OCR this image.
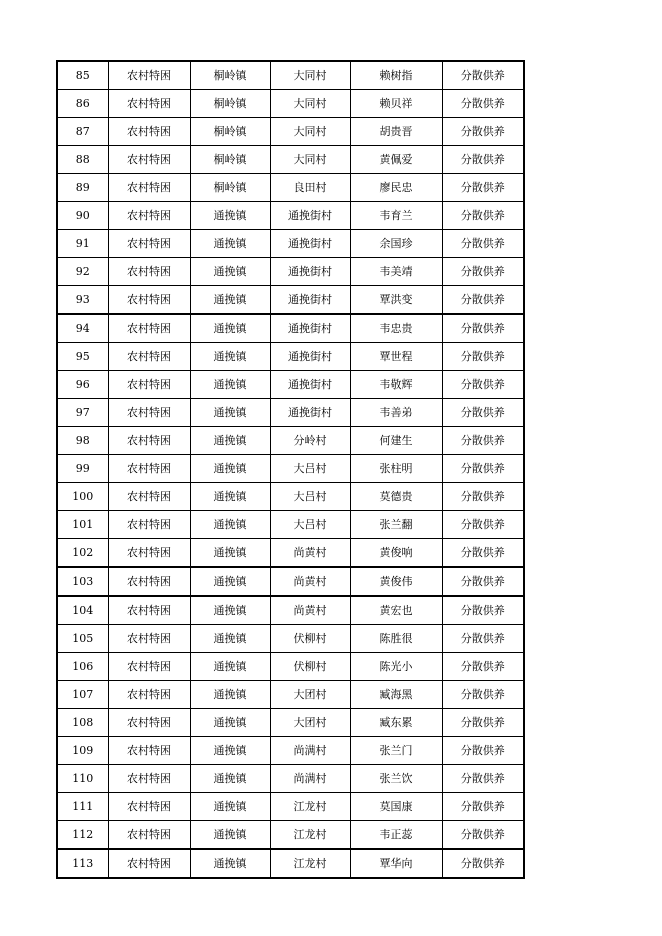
85	农村特困	桐岭镇	大同村	赖树指	分散供养
86	农村特困	桐岭镇	大同村	赖贝祥	分散供养
87	农村特困	桐岭镇	大同村	胡贵晋	分散供养
88	农村特困	桐岭镇	大同村	黄佩爱	分散供养
89	农村特困	桐岭镇	良田村	廖民忠	分散供养
90	农村特困	通挽镇	通挽街村	韦育兰	分散供养
91	农村特困	通挽镇	通挽街村	余国珍	分散供养
92	农村特困	通挽镇	通挽街村	韦美靖	分散供养
93	农村特困	通挽镇	通挽街村	覃洪变	分散供养
94	农村特困	通挽镇	通挽街村	韦忠贵	分散供养
95	农村特困	通挽镇	通挽街村	覃世程	分散供养
96	农村特困	通挽镇	通挽街村	韦敬辉	分散供养
97	农村特困	通挽镇	通挽街村	韦善弟	分散供养
98	农村特困	通挽镇	分岭村	何建生	分散供养
99	农村特困	通挽镇	大吕村	张柱明	分散供养
100	农村特困	通挽镇	大吕村	莫德贵	分散供养
101	农村特困	通挽镇	大吕村	张兰翻	分散供养
102	农村特困	通挽镇	尚黄村	黄俊响	分散供养
103	农村特困	通挽镇	尚黄村	黄俊伟	分散供养
104	农村特困	通挽镇	尚黄村	黄宏也	分散供养
105	农村特困	通挽镇	伏柳村	陈胜很	分散供养
106	农村特困	通挽镇	伏柳村	陈光小	分散供养
107	农村特困	通挽镇	大团村	臧海黑	分散供养
108	农村特困	通挽镇	大团村	臧东累	分散供养
109	农村特困	通挽镇	尚满村	张兰门	分散供养
110	农村特困	通挽镇	尚满村	张兰饮	分散供养
111	农村特困	通挽镇	江龙村	莫国康	分散供养
112	农村特困	通挽镇	江龙村	韦正蕊	分散供养
113	农村特困	通挽镇	江龙村	覃华向	分散供养
